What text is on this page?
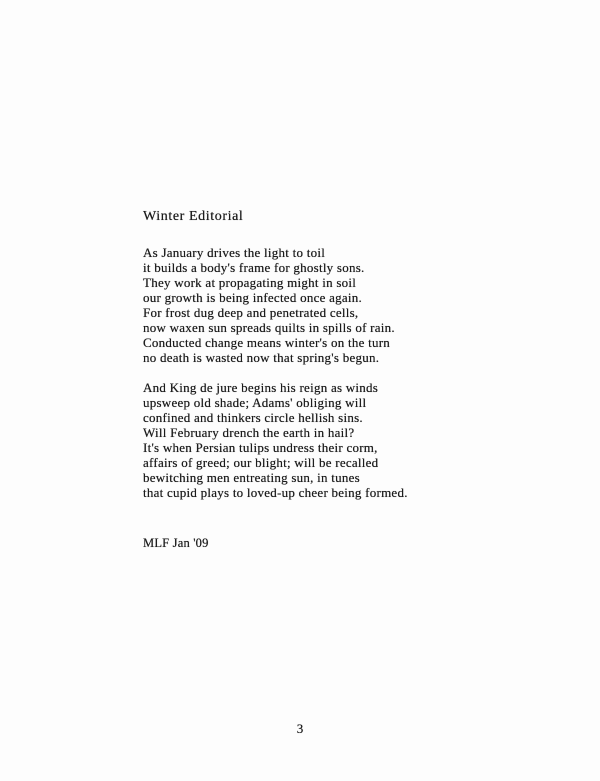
Winter Editorial
As January drives the light to toil
it builds a body's frame for ghostly sons.
They work at propagating might in soil
our growth is being infected once again.
For frost dug deep and penetrated cells,
now waxen sun spreads quilts in spills of rain.
Conducted change means winter's on the turn
no death is wasted now that spring's begun.
And King de jure begins his reign as winds
upsweep old shade; Adams' obliging will
confined and thinkers circle hellish sins.
Will February drench the earth in hail?
It's when Persian tulips undress their corm,
affairs of greed; our blight; will be recalled
bewitching men entreating sun, in tunes
that cupid plays to loved-up cheer being formed.
MLF Jan '09
3
